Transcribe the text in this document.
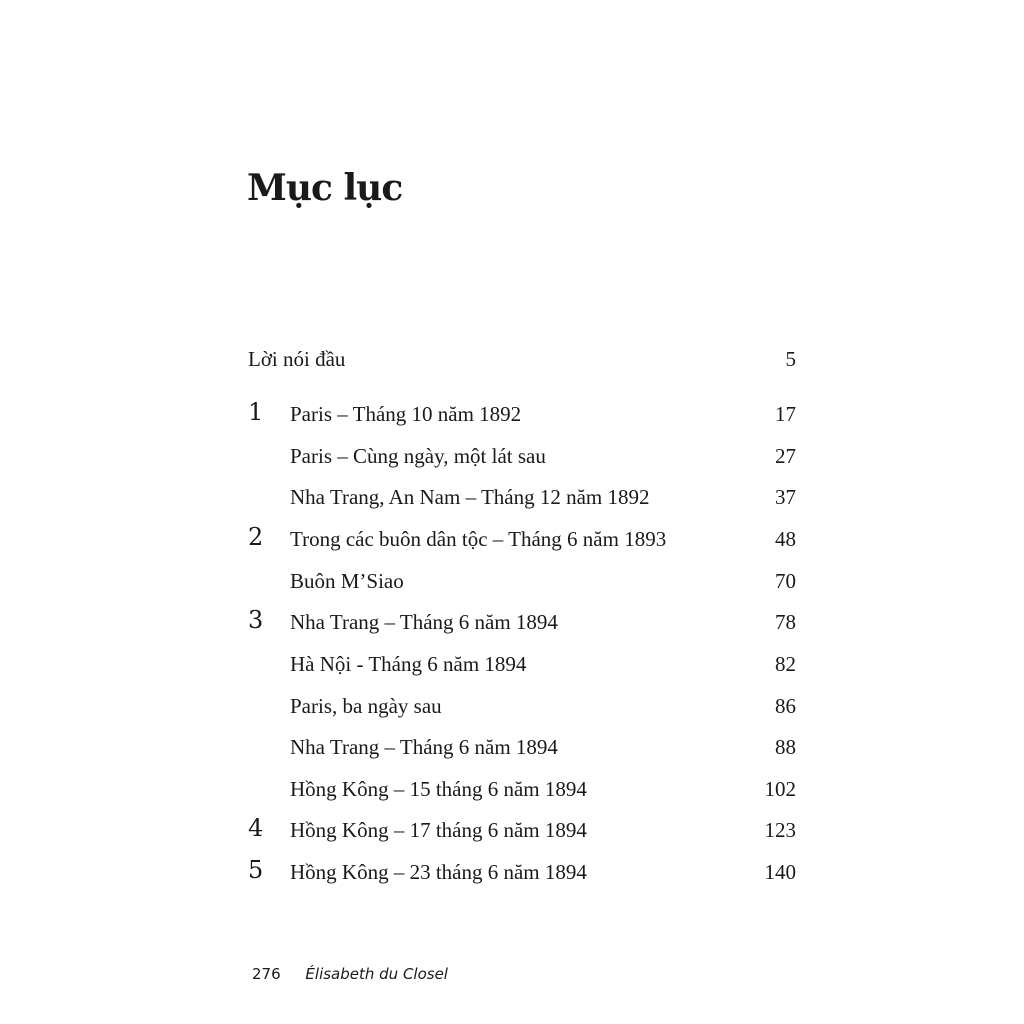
Mục lục
Lời nói đầu	5
1	Paris – Tháng 10 năm 1892	17
Paris – Cùng ngày, một lát sau	27
Nha Trang, An Nam – Tháng 12 năm 1892	37
2	Trong các buôn dân tộc – Tháng 6 năm 1893	48
Buôn M’Siao	70
3	Nha Trang – Tháng 6 năm 1894	78
Hà Nội - Tháng 6 năm 1894	82
Paris, ba ngày sau	86
Nha Trang – Tháng 6 năm 1894	88
Hồng Kông – 15 tháng 6 năm 1894	102
4	Hồng Kông – 17 tháng 6 năm 1894	123
5	Hồng Kông – 23 tháng 6 năm 1894	140
276 Élisabeth du Closel
